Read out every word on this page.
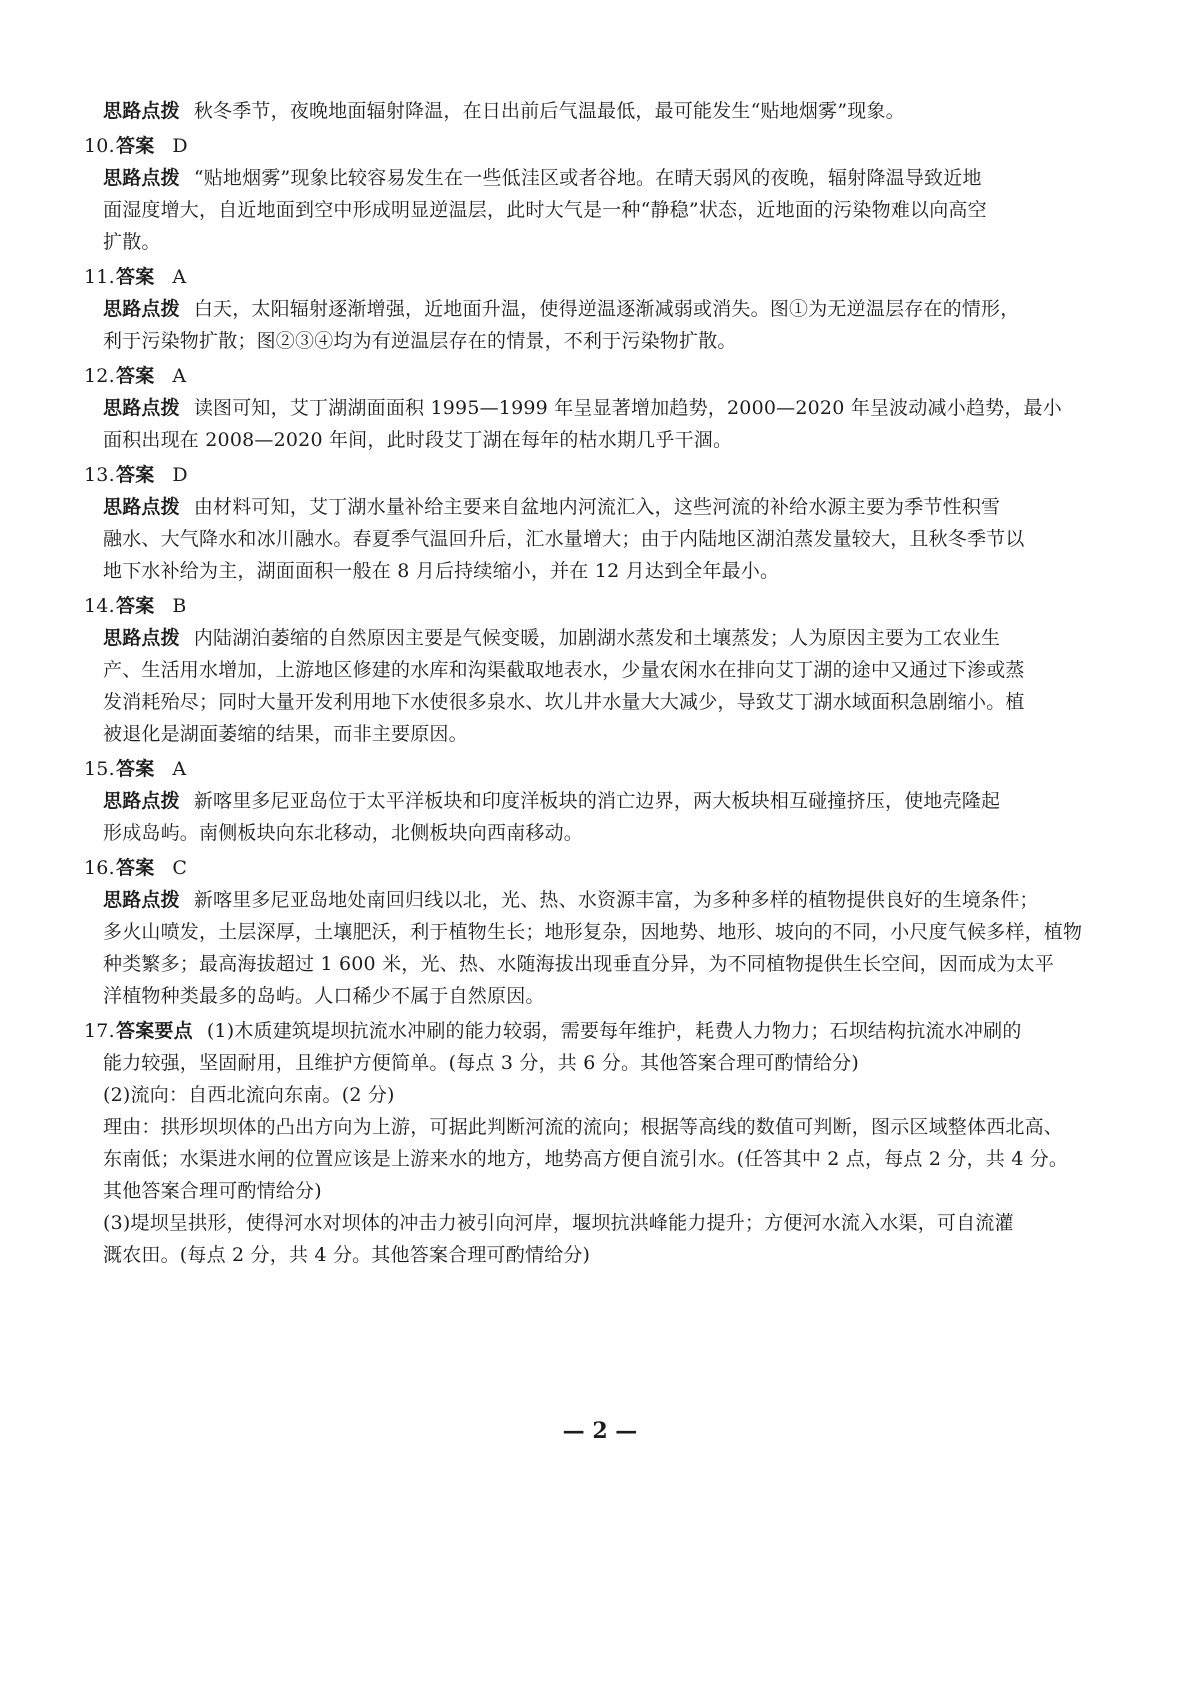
思路点拨 秋冬季节，夜晚地面辐射降温，在日出前后气温最低，最可能发生“贴地烟雾”现象。
10.答案 D
思路点拨 “贴地烟雾”现象比较容易发生在一些低洼区或者谷地。在晴天弱风的夜晚，辐射降温导致近地
面湿度增大，自近地面到空中形成明显逆温层，此时大气是一种“静稳”状态，近地面的污染物难以向高空
扩散。
11.答案 A
思路点拨 白天，太阳辐射逐渐增强，近地面升温，使得逆温逐渐减弱或消失。图①为无逆温层存在的情形，
利于污染物扩散；图②③④均为有逆温层存在的情景，不利于污染物扩散。
12.答案 A
思路点拨 读图可知，艾丁湖湖面面积 1995—1999 年呈显著增加趋势，2000—2020 年呈波动减小趋势，最小
面积出现在 2008—2020 年间，此时段艾丁湖在每年的枯水期几乎干涸。
13.答案 D
思路点拨 由材料可知，艾丁湖水量补给主要来自盆地内河流汇入，这些河流的补给水源主要为季节性积雪
融水、大气降水和冰川融水。春夏季气温回升后，汇水量增大；由于内陆地区湖泊蒸发量较大，且秋冬季节以
地下水补给为主，湖面面积一般在 8 月后持续缩小，并在 12 月达到全年最小。
14.答案 B
思路点拨 内陆湖泊萎缩的自然原因主要是气候变暖，加剧湖水蒸发和土壤蒸发；人为原因主要为工农业生
产、生活用水增加，上游地区修建的水库和沟渠截取地表水，少量农闲水在排向艾丁湖的途中又通过下渗或蒸
发消耗殆尽；同时大量开发利用地下水使很多泉水、坎儿井水量大大减少，导致艾丁湖水域面积急剧缩小。植
被退化是湖面萎缩的结果，而非主要原因。
15.答案 A
思路点拨 新喀里多尼亚岛位于太平洋板块和印度洋板块的消亡边界，两大板块相互碰撞挤压，使地壳隆起
形成岛屿。南侧板块向东北移动，北侧板块向西南移动。
16.答案 C
思路点拨 新喀里多尼亚岛地处南回归线以北，光、热、水资源丰富，为多种多样的植物提供良好的生境条件；
多火山喷发，土层深厚，土壤肥沃，利于植物生长；地形复杂，因地势、地形、坡向的不同，小尺度气候多样，植物
种类繁多；最高海拔超过 1 600 米，光、热、水随海拔出现垂直分异，为不同植物提供生长空间，因而成为太平
洋植物种类最多的岛屿。人口稀少不属于自然原因。
17.答案要点 (1)木质建筑堤坝抗流水冲刷的能力较弱，需要每年维护，耗费人力物力；石坝结构抗流水冲刷的
能力较强，坚固耐用，且维护方便简单。(每点 3 分，共 6 分。其他答案合理可酌情给分)
(2)流向：自西北流向东南。(2 分)
理由：拱形坝坝体的凸出方向为上游，可据此判断河流的流向；根据等高线的数值可判断，图示区域整体西北高、
东南低；水渠进水闸的位置应该是上游来水的地方，地势高方便自流引水。(任答其中 2 点，每点 2 分，共 4 分。
其他答案合理可酌情给分)
(3)堤坝呈拱形，使得河水对坝体的冲击力被引向河岸，堰坝抗洪峰能力提升；方便河水流入水渠，可自流灌
溉农田。(每点 2 分，共 4 分。其他答案合理可酌情给分)
— 2 —
